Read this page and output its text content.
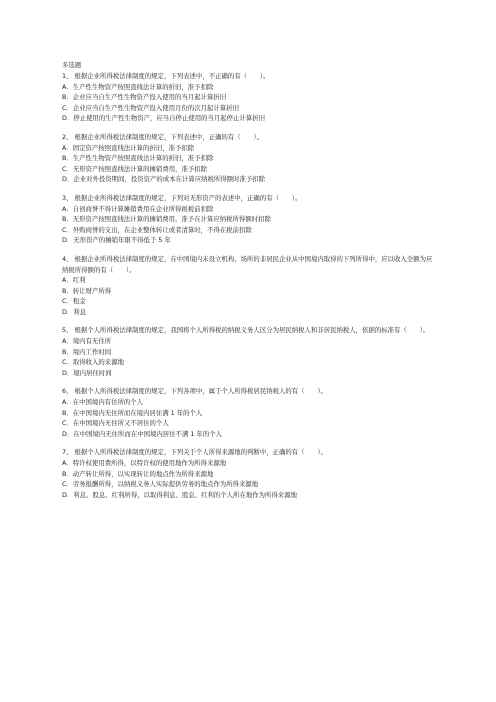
多选题
1、 根据企业所得税法律制度的规定，下列表述中，不正确的有（　　）。
A．生产性生物资产按照直线法计算的折旧，准予扣除
B．企业应当自生产性生物资产投入使用的当月起计算折旧
C．企业应当自生产性生物资产投入使用月份的次月起计算折旧
D．停止使用的生产性生物资产，应当自停止使用的当月起停止计算折旧
2、 根据企业所得税法律制度的规定，下列表述中，正确的有（　　）。
A．固定资产按照直线法计算的折旧，准予扣除
B．生产性生物资产按照直线法计算的折旧，准予扣除
C．无形资产按照直线法计算的摊销费用，准予扣除
D．企业对外投资期间，投资资产的成本在计算应纳税所得额时准予扣除
3、 根据企业所得税法律制度的规定，下列对无形资产的表述中，正确的有（　　）。
A．自创商誉不得计算摊销费用在企业所得税税前扣除
B．无形资产按照直线法计算的摊销费用，准予在计算应纳税所得额时扣除
C．外购商誉的支出，在企业整体转让或者清算时，不得在税前扣除
D．无形资产的摊销年限不得低于 5 年
4、 根据企业所得税法律制度的规定，在中国境内未设立机构、场所的非居民企业从中国境内取得的下列所得中，应以收入全额为应纳税所得额的有（　　）。
A．红利
B．转让财产所得
C．租金
D．利息
5、 根据个人所得税法律制度的规定，我国将个人所得税的纳税义务人区分为居民纳税人和非居民纳税人，依据的标准有（　　）。
A．境内有无住所
B．境内工作时间
C．取得收入的来源地
D．境内居住时间
6、 根据个人所得税法律制度的规定，下列各项中，属于个人所得税居民纳税人的有（　　）。
A．在中国境内有住所的个人
B．在中国境内无住所而在境内居住满 1 年的个人
C．在中国境内无住所又不居住的个人
D．在中国境内无住所而在中国境内居住不满 1 年的个人
7、 根据个人所得税法律制度的规定，下列关于个人所得来源地的判断中，正确的有（　　）。
A．特许权使用费所得，以特许权的使用地作为所得来源地
B．动产转让所得，以实现转让的地点作为所得来源地
C．劳务报酬所得，以纳税义务人实际提供劳务的地点作为所得来源地
D．利息、股息、红利所得，以取得利息、股息、红利的个人所在地作为所得来源地
